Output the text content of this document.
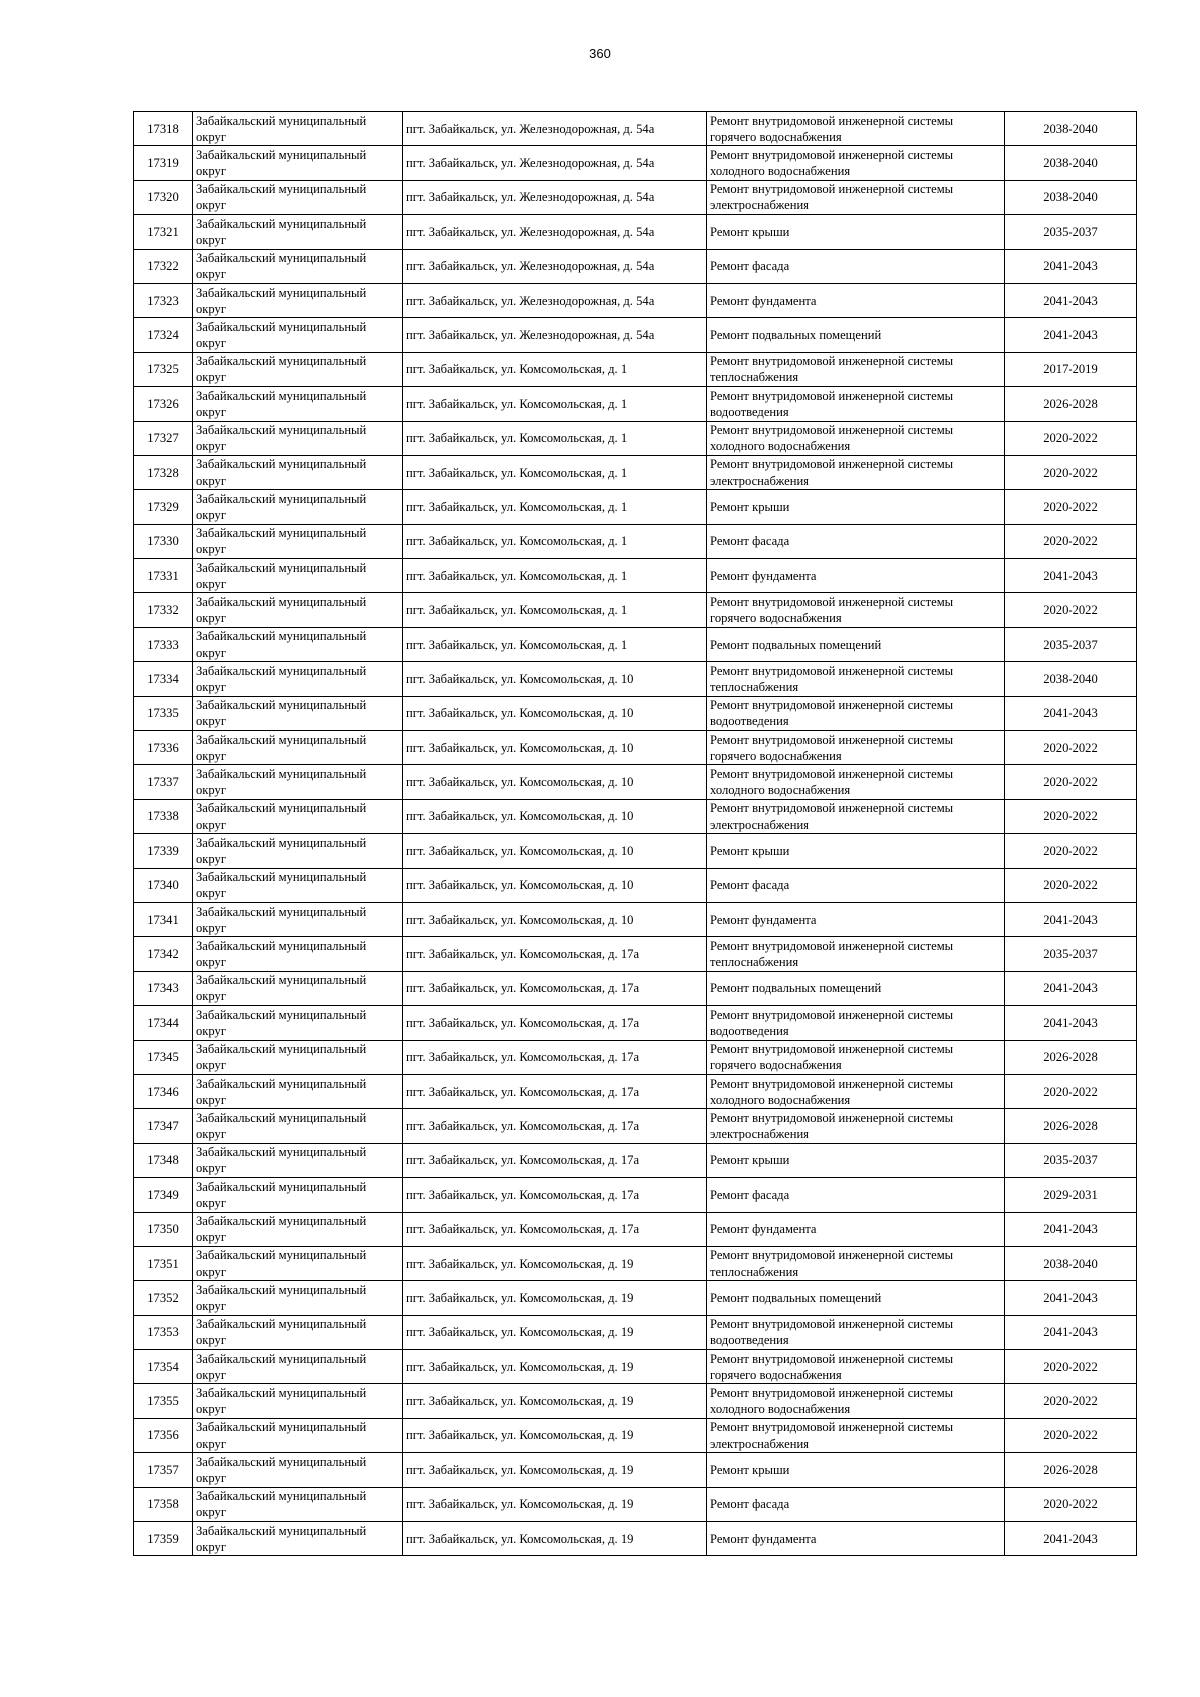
360
17318	Забайкальский муниципальный округ	пгт. Забайкальск, ул. Железнодорожная, д. 54а	Ремонт внутридомовой инженерной системы горячего водоснабжения	2038-2040
17319	Забайкальский муниципальный округ	пгт. Забайкальск, ул. Железнодорожная, д. 54а	Ремонт внутридомовой инженерной системы холодного водоснабжения	2038-2040
17320	Забайкальский муниципальный округ	пгт. Забайкальск, ул. Железнодорожная, д. 54а	Ремонт внутридомовой инженерной системы электроснабжения	2038-2040
17321	Забайкальский муниципальный округ	пгт. Забайкальск, ул. Железнодорожная, д. 54а	Ремонт крыши	2035-2037
17322	Забайкальский муниципальный округ	пгт. Забайкальск, ул. Железнодорожная, д. 54а	Ремонт фасада	2041-2043
17323	Забайкальский муниципальный округ	пгт. Забайкальск, ул. Железнодорожная, д. 54а	Ремонт фундамента	2041-2043
17324	Забайкальский муниципальный округ	пгт. Забайкальск, ул. Железнодорожная, д. 54а	Ремонт подвальных помещений	2041-2043
17325	Забайкальский муниципальный округ	пгт. Забайкальск, ул. Комсомольская, д. 1	Ремонт внутридомовой инженерной системы теплоснабжения	2017-2019
17326	Забайкальский муниципальный округ	пгт. Забайкальск, ул. Комсомольская, д. 1	Ремонт внутридомовой инженерной системы водоотведения	2026-2028
17327	Забайкальский муниципальный округ	пгт. Забайкальск, ул. Комсомольская, д. 1	Ремонт внутридомовой инженерной системы холодного водоснабжения	2020-2022
17328	Забайкальский муниципальный округ	пгт. Забайкальск, ул. Комсомольская, д. 1	Ремонт внутридомовой инженерной системы электроснабжения	2020-2022
17329	Забайкальский муниципальный округ	пгт. Забайкальск, ул. Комсомольская, д. 1	Ремонт крыши	2020-2022
17330	Забайкальский муниципальный округ	пгт. Забайкальск, ул. Комсомольская, д. 1	Ремонт фасада	2020-2022
17331	Забайкальский муниципальный округ	пгт. Забайкальск, ул. Комсомольская, д. 1	Ремонт фундамента	2041-2043
17332	Забайкальский муниципальный округ	пгт. Забайкальск, ул. Комсомольская, д. 1	Ремонт внутридомовой инженерной системы горячего водоснабжения	2020-2022
17333	Забайкальский муниципальный округ	пгт. Забайкальск, ул. Комсомольская, д. 1	Ремонт подвальных помещений	2035-2037
17334	Забайкальский муниципальный округ	пгт. Забайкальск, ул. Комсомольская, д. 10	Ремонт внутридомовой инженерной системы теплоснабжения	2038-2040
17335	Забайкальский муниципальный округ	пгт. Забайкальск, ул. Комсомольская, д. 10	Ремонт внутридомовой инженерной системы водоотведения	2041-2043
17336	Забайкальский муниципальный округ	пгт. Забайкальск, ул. Комсомольская, д. 10	Ремонт внутридомовой инженерной системы горячего водоснабжения	2020-2022
17337	Забайкальский муниципальный округ	пгт. Забайкальск, ул. Комсомольская, д. 10	Ремонт внутридомовой инженерной системы холодного водоснабжения	2020-2022
17338	Забайкальский муниципальный округ	пгт. Забайкальск, ул. Комсомольская, д. 10	Ремонт внутридомовой инженерной системы электроснабжения	2020-2022
17339	Забайкальский муниципальный округ	пгт. Забайкальск, ул. Комсомольская, д. 10	Ремонт крыши	2020-2022
17340	Забайкальский муниципальный округ	пгт. Забайкальск, ул. Комсомольская, д. 10	Ремонт фасада	2020-2022
17341	Забайкальский муниципальный округ	пгт. Забайкальск, ул. Комсомольская, д. 10	Ремонт фундамента	2041-2043
17342	Забайкальский муниципальный округ	пгт. Забайкальск, ул. Комсомольская, д. 17а	Ремонт внутридомовой инженерной системы теплоснабжения	2035-2037
17343	Забайкальский муниципальный округ	пгт. Забайкальск, ул. Комсомольская, д. 17а	Ремонт подвальных помещений	2041-2043
17344	Забайкальский муниципальный округ	пгт. Забайкальск, ул. Комсомольская, д. 17а	Ремонт внутридомовой инженерной системы водоотведения	2041-2043
17345	Забайкальский муниципальный округ	пгт. Забайкальск, ул. Комсомольская, д. 17а	Ремонт внутридомовой инженерной системы горячего водоснабжения	2026-2028
17346	Забайкальский муниципальный округ	пгт. Забайкальск, ул. Комсомольская, д. 17а	Ремонт внутридомовой инженерной системы холодного водоснабжения	2020-2022
17347	Забайкальский муниципальный округ	пгт. Забайкальск, ул. Комсомольская, д. 17а	Ремонт внутридомовой инженерной системы электроснабжения	2026-2028
17348	Забайкальский муниципальный округ	пгт. Забайкальск, ул. Комсомольская, д. 17а	Ремонт крыши	2035-2037
17349	Забайкальский муниципальный округ	пгт. Забайкальск, ул. Комсомольская, д. 17а	Ремонт фасада	2029-2031
17350	Забайкальский муниципальный округ	пгт. Забайкальск, ул. Комсомольская, д. 17а	Ремонт фундамента	2041-2043
17351	Забайкальский муниципальный округ	пгт. Забайкальск, ул. Комсомольская, д. 19	Ремонт внутридомовой инженерной системы теплоснабжения	2038-2040
17352	Забайкальский муниципальный округ	пгт. Забайкальск, ул. Комсомольская, д. 19	Ремонт подвальных помещений	2041-2043
17353	Забайкальский муниципальный округ	пгт. Забайкальск, ул. Комсомольская, д. 19	Ремонт внутридомовой инженерной системы водоотведения	2041-2043
17354	Забайкальский муниципальный округ	пгт. Забайкальск, ул. Комсомольская, д. 19	Ремонт внутридомовой инженерной системы горячего водоснабжения	2020-2022
17355	Забайкальский муниципальный округ	пгт. Забайкальск, ул. Комсомольская, д. 19	Ремонт внутридомовой инженерной системы холодного водоснабжения	2020-2022
17356	Забайкальский муниципальный округ	пгт. Забайкальск, ул. Комсомольская, д. 19	Ремонт внутридомовой инженерной системы электроснабжения	2020-2022
17357	Забайкальский муниципальный округ	пгт. Забайкальск, ул. Комсомольская, д. 19	Ремонт крыши	2026-2028
17358	Забайкальский муниципальный округ	пгт. Забайкальск, ул. Комсомольская, д. 19	Ремонт фасада	2020-2022
17359	Забайкальский муниципальный округ	пгт. Забайкальск, ул. Комсомольская, д. 19	Ремонт фундамента	2041-2043
